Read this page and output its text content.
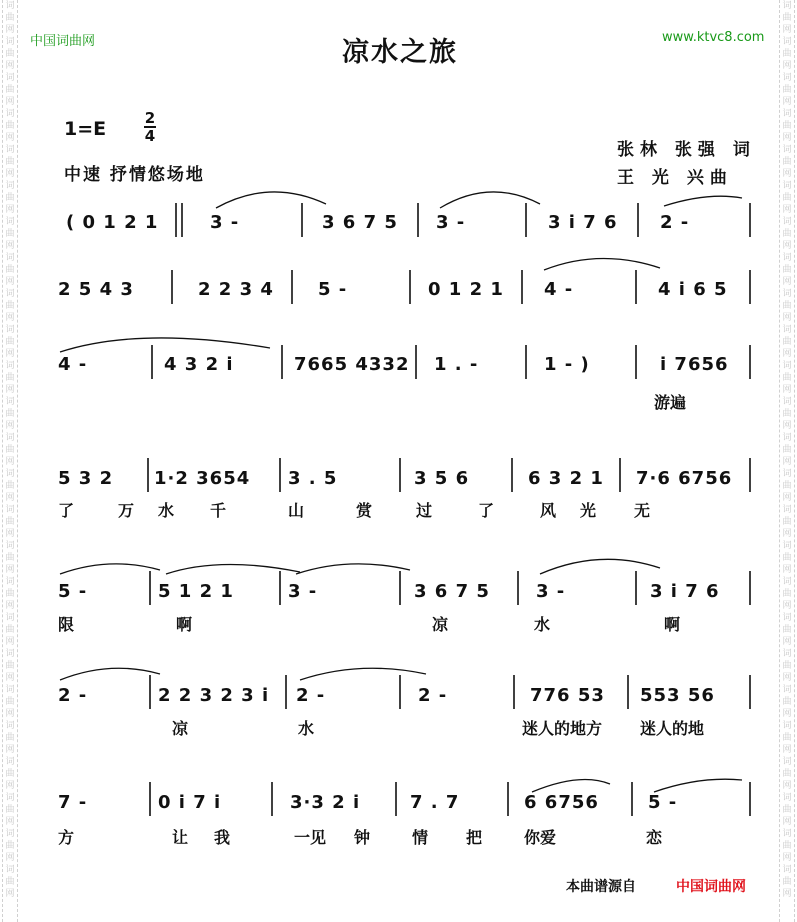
词
曲
网
词
曲
网
词
曲
网
词
曲
网
词
曲
网
词
曲
网
词
曲
网
词
曲
网
词
曲
网
词
曲
网
词
曲
网
词
曲
网
词
曲
网
词
曲
网
词
曲
网
词
曲
网
词
曲
网
词
曲
网
词
曲
网
词
曲
网
词
曲
网
词
曲
网
词
曲
网
词
曲
网
词
曲
网
词
曲
网
词
曲
网
词
曲
网
词
曲
网
词
曲
网
词
曲
网
词
曲
网
词
曲
网
词
曲
网
词
曲
网
词
曲
网
词
曲
网
词
曲
网
词
曲
网
词
曲
网
词
曲
网
词
曲
网
词
曲
网
词
曲
网
词
曲
网
词
曲
网
词
曲
网
词
曲
网
词
曲
网
词
曲
网
中国词曲网	凉水之旅	www.ktvc8.com
1=E	2
4
中速 抒情悠场地
张林 张强 词
王 光 兴曲
( 0 1 2 1	3 -	3 6 7 5 3 -	3 i 7 6 2 -
2 5 4 3	2 2 3 4 5 -	0 1 2 1 4 -	4 i 6 5
4 -	4 3 2 i	7665 4332 1 . -	1 - )	i 7656
5 3 2 1·2 3654 3 . 5	3 5 6	6 3 2 1 7·6 6756
5 -	5 1 2 1	3 -	3 6 7 5	3 -	3 i 7 6
2 -	2 2 3 2 3 i 2 -	2 -	776 53 553 56
7 -	0 i 7 i	3·3 2 i	7 . 7	6 6756	5 -
游遍
了	万 水 千	山	赏	过	了	风 光 无
限	啊	凉	水	啊
凉	水	迷人的地方 迷人的地
方	让 我	一见 钟	情 把	你爱	恋
本曲谱源自	中国词曲网
